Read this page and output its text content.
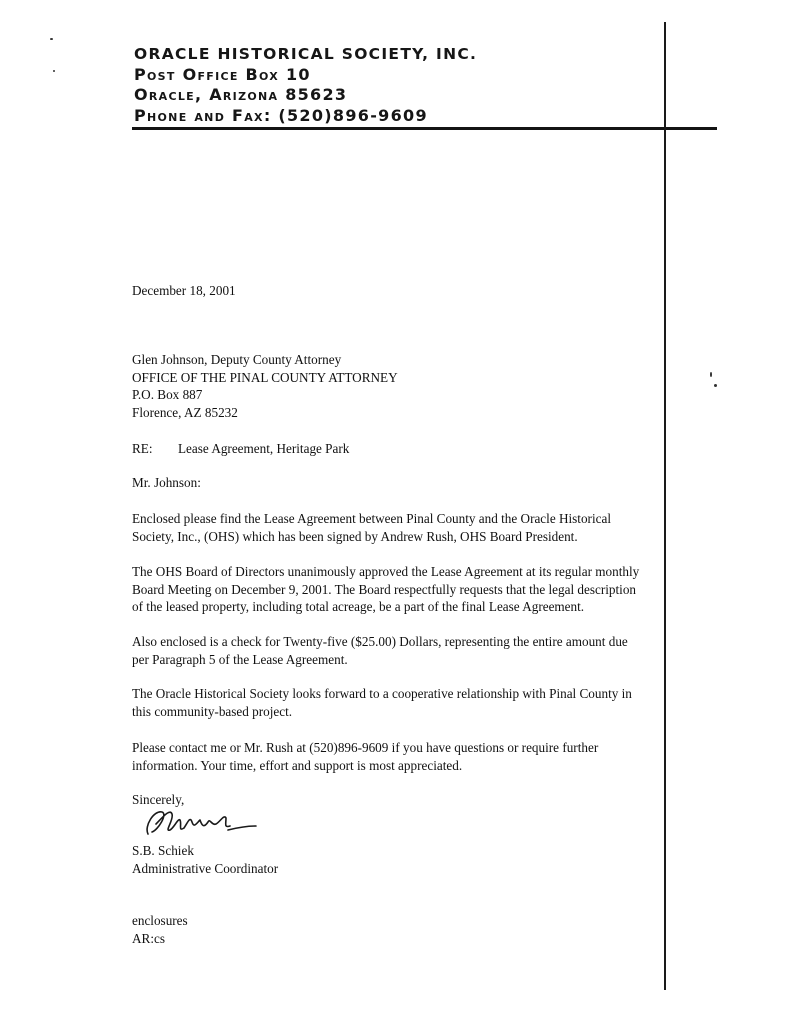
ORACLE HISTORICAL SOCIETY, INC.
Post Office Box 10
Oracle, Arizona 85623
Phone and Fax: (520)896-9609
December 18, 2001
Glen Johnson, Deputy County Attorney
OFFICE OF THE PINAL COUNTY ATTORNEY
P.O. Box 887
Florence, AZ 85232
RE: Lease Agreement, Heritage Park
Mr. Johnson:
Enclosed please find the Lease Agreement between Pinal County and the Oracle Historical
Society, Inc., (OHS) which has been signed by Andrew Rush, OHS Board President.
The OHS Board of Directors unanimously approved the Lease Agreement at its regular monthly
Board Meeting on December 9, 2001. The Board respectfully requests that the legal description
of the leased property, including total acreage, be a part of the final Lease Agreement.
Also enclosed is a check for Twenty-five ($25.00) Dollars, representing the entire amount due
per Paragraph 5 of the Lease Agreement.
The Oracle Historical Society looks forward to a cooperative relationship with Pinal County in
this community-based project.
Please contact me or Mr. Rush at (520)896-9609 if you have questions or require further
information. Your time, effort and support is most appreciated.
Sincerely,
S.B. Schiek
Administrative Coordinator
enclosures
AR:cs
